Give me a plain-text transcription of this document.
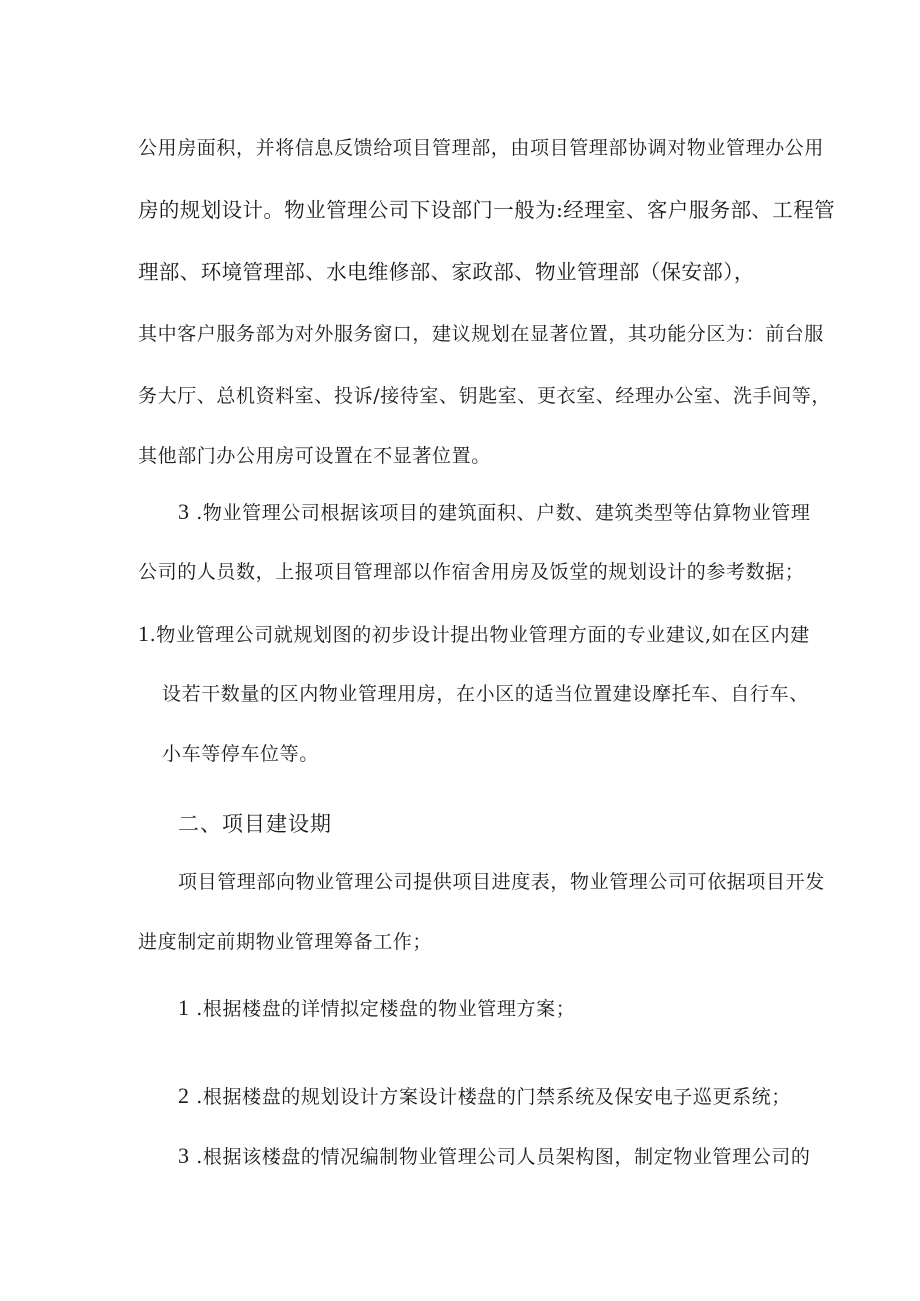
公用房面积，并将信息反馈给项目管理部，由项目管理部协调对物业管理办公用
房的规划设计。物业管理公司下设部门一般为:经理室、客户服务部、工程管
理部、环境管理部、水电维修部、家政部、物业管理部（保安部），
其中客户服务部为对外服务窗口，建议规划在显著位置，其功能分区为：前台服
务大厅、总机资料室、投诉/接待室、钥匙室、更衣室、经理办公室、洗手间等，
其他部门办公用房可设置在不显著位置。
3 .物业管理公司根据该项目的建筑面积、户数、建筑类型等估算物业管理
公司的人员数，上报项目管理部以作宿舍用房及饭堂的规划设计的参考数据；
1.物业管理公司就规划图的初步设计提出物业管理方面的专业建议,如在区内建
设若干数量的区内物业管理用房，在小区的适当位置建设摩托车、自行车、
小车等停车位等。
二、项目建设期
项目管理部向物业管理公司提供项目进度表，物业管理公司可依据项目开发
进度制定前期物业管理筹备工作；
1 .根据楼盘的详情拟定楼盘的物业管理方案；
2 .根据楼盘的规划设计方案设计楼盘的门禁系统及保安电子巡更系统；
3 .根据该楼盘的情况编制物业管理公司人员架构图，制定物业管理公司的
